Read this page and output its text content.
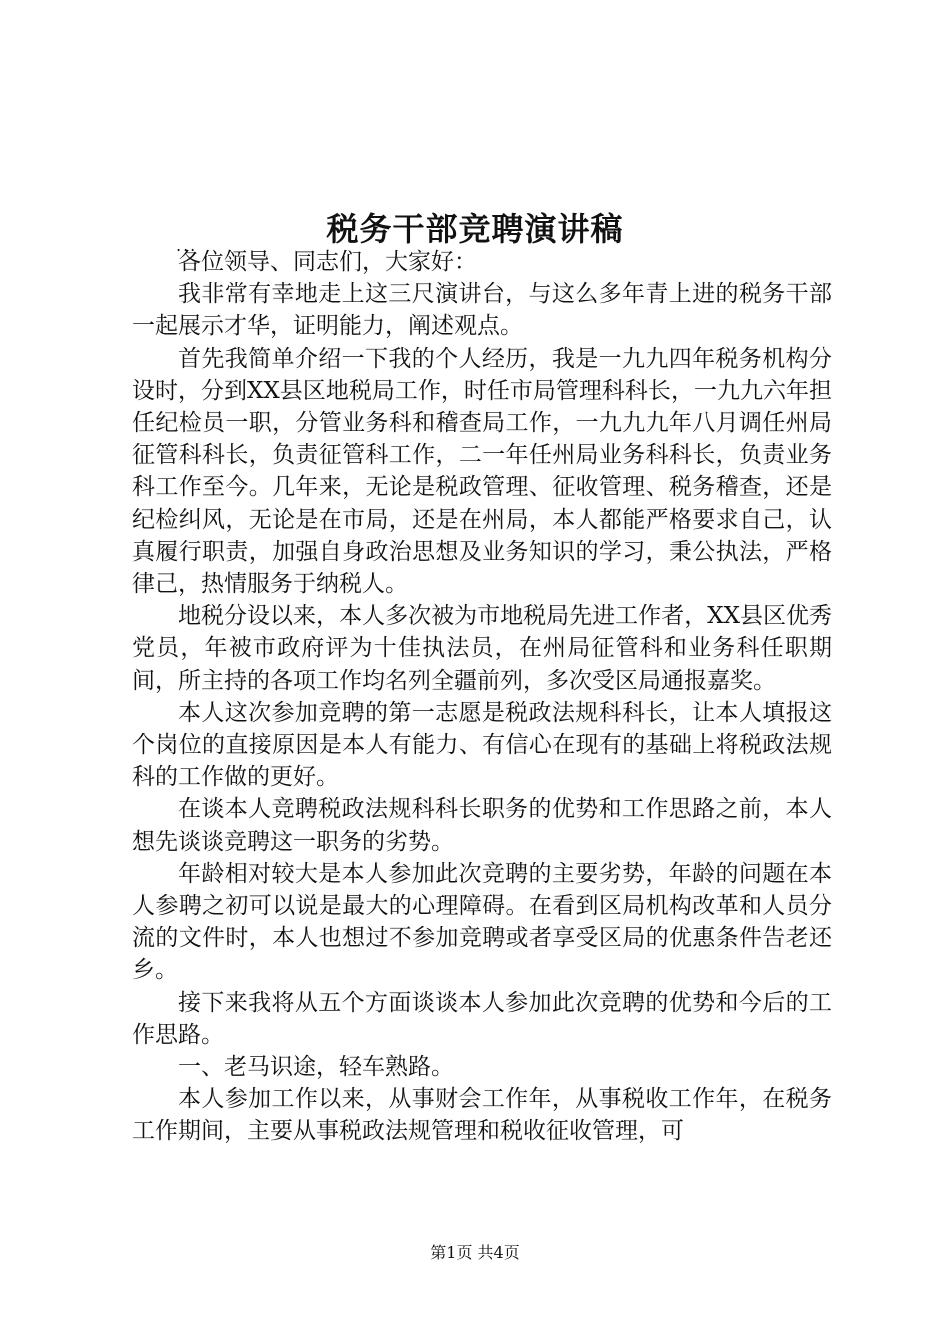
税务干部竞聘演讲稿
...

各位领导、同志们，大家好：

我非常有幸地走上这三尺演讲台，与这么多年青上进的税务干部一起展示才华，证明能力，阐述观点。

首先我简单介绍一下我的个人经历，我是一九九四年税务机构分设时，分到XX县区地税局工作，时任市局管理科科长，一九九六年担任纪检员一职，分管业务科和稽查局工作，一九九九年八月调任州局征管科科长，负责征管科工作，二一年任州局业务科科长，负责业务科工作至今。几年来，无论是税政管理、征收管理、税务稽查，还是纪检纠风，无论是在市局，还是在州局，本人都能严格要求自己，认真履行职责，加强自身政治思想及业务知识的学习，秉公执法，严格律己，热情服务于纳税人。

地税分设以来，本人多次被为市地税局先进工作者，XX县区优秀党员，年被市政府评为十佳执法员，在州局征管科和业务科任职期间，所主持的各项工作均名列全疆前列，多次受区局通报嘉奖。

本人这次参加竞聘的第一志愿是税政法规科科长，让本人填报这个岗位的直接原因是本人有能力、有信心在现有的基础上将税政法规科的工作做的更好。

在谈本人竞聘税政法规科科长职务的优势和工作思路之前，本人想先谈谈竞聘这一职务的劣势。

年龄相对较大是本人参加此次竞聘的主要劣势，年龄的问题在本人参聘之初可以说是最大的心理障碍。在看到区局机构改革和人员分流的文件时，本人也想过不参加竞聘或者享受区局的优惠条件告老还乡。

接下来我将从五个方面谈谈本人参加此次竞聘的优势和今后的工作思路。

一、老马识途，轻车熟路。

本人参加工作以来，从事财会工作年，从事税收工作年，在税务工作期间，主要从事税政法规管理和税收征收管理，可

第1页 共4页
